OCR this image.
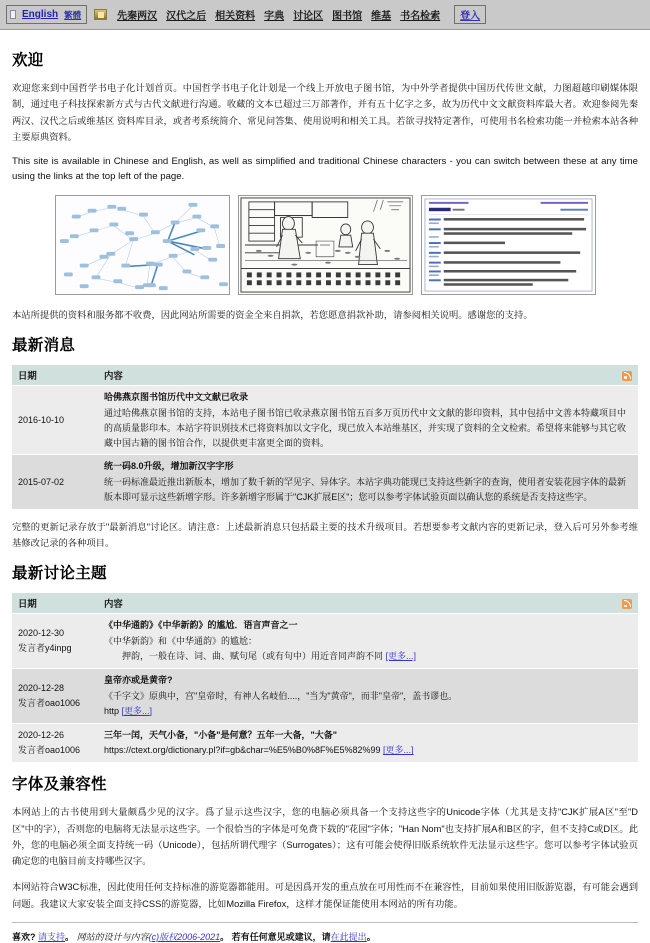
English 繁體	先秦两汉 汉代之后 相关资料 字典 讨论区 图书馆 维基 书名检索 登入
欢迎

欢迎您来到中国哲学书电子化计划首页。中国哲学书电子化计划是一个线上开放电子图书馆，为中外学者提供中国历代传世文献，力图超越印刷媒体限制，通过电子科技探索新方式与古代文献进行沟通。收藏的文本已超过三万部著作，并有五十亿字之多，故为历代中文文献资料库最大者。欢迎参阅先秦两汉、汉代之后或维基区 资料库目录，或者考系统简介、常见问答集、使用说明和相关工具。若欲寻找特定著作，可使用书名检索功能一并检索本站各种主要原典资料。

This site is available in Chinese and English, as well as simplified and traditional Chinese characters - you can switch between these at any time using the links at the top left of the page.

本站所提供的资料和服务都不收费，因此网站所需要的资金全来自捐款，若您愿意捐款补助，请参阅相关说明。感谢您的支持。

最新消息
日期	内容	
2016-10-10	哈佛燕京图书馆历代中文文献已收录
通过哈佛燕京图书馆的支持，本站电子图书馆已收录燕京图书馆五百多万页历代中文文献的影印资料，其中包括中文善本特藏项目中的高质量影印本。本站字符识别技术已将资料加以文字化，现已放入本站维基区，并实现了资料的全文检索。希望将来能够与其它收藏中国古籍的图书馆合作，以提供更丰富更全面的资料。	
2015-07-02	统一码8.0升级，增加新汉字字形
统一码标准最近推出新版本，增加了数千新的罕见字、异体字。本站字典功能现已支持这些新字的查询，使用者安装花园字体的最新版本即可显示这些新增字形。许多新增字形属于"CJK扩展E区"；您可以参考字体试验页面以确认您的系统是否支持这些字。	

完整的更新记录存放于"最新消息"讨论区。请注意：上述最新消息只包括最主要的技术升级项目。若想要参考文献内容的更新记录，登入后可另外参考维基修改记录的各种项目。

最新讨论主题
日期	内容	
2020-12-30
发言者y4inpg	《中华通韵》《中华新韵》的尴尬．语言声音之一
《中华新韵》和《中华通韵》的尴尬：
押韵，一般在诗、词、曲、赋句尾（或有句中）用近音同声韵不同 [更多...]	

2020-12-28
发言者oao1006	皇帝亦或是黄帝?
《千字文》原典中，宫"皇帝时，有神人名岐伯....，"当为"黄帝"，而非"皇帝"，盖书谬也。
http [更多...]	

2020-12-26
发言者oao1006	三年一闰，天气小备，"小备"是何意？五年一大备，"大备"
https://ctext.org/dictionary.pl?if=gb&char=%E5%B0%8F%E5%82%99 [更多...]	
字体及兼容性

本网站上的古书使用到大量颇爲少见的汉字。爲了显示这些汉字，您的电脑必须具备一个支持这些字的Unicode字体（尤其是支持"CJK扩展A区"至"D区"中的字），否则您的电脑将无法显示这些字。一个很恰当的字体是可免费下载的"花园"字体；"Han Nom"也支持扩展A和B区的字，但不支持C或D区。此外，您的电脑必须全面支持统一码（Unicode），包括所谓代理字（Surrogates）；这有可能会使得旧版系统软件无法显示这些字。您可以参考字体试验页确定您的电脑目前支持哪些汉字。

本网站符合W3C标准，因此使用任何支持标准的游览器都能用。可是因爲开发的重点放在可用性而不在兼容性，目前如果使用旧版游览器，有可能会遇到问题。我建议大家安装全面支持CSS的游览器，比如Mozilla Firefox，这样才能保证能使用本网站的所有功能。

喜欢? 请支持。 网站的设计与内容(c)版权2006-2021。 若有任何意见或建议，请在此提出。
